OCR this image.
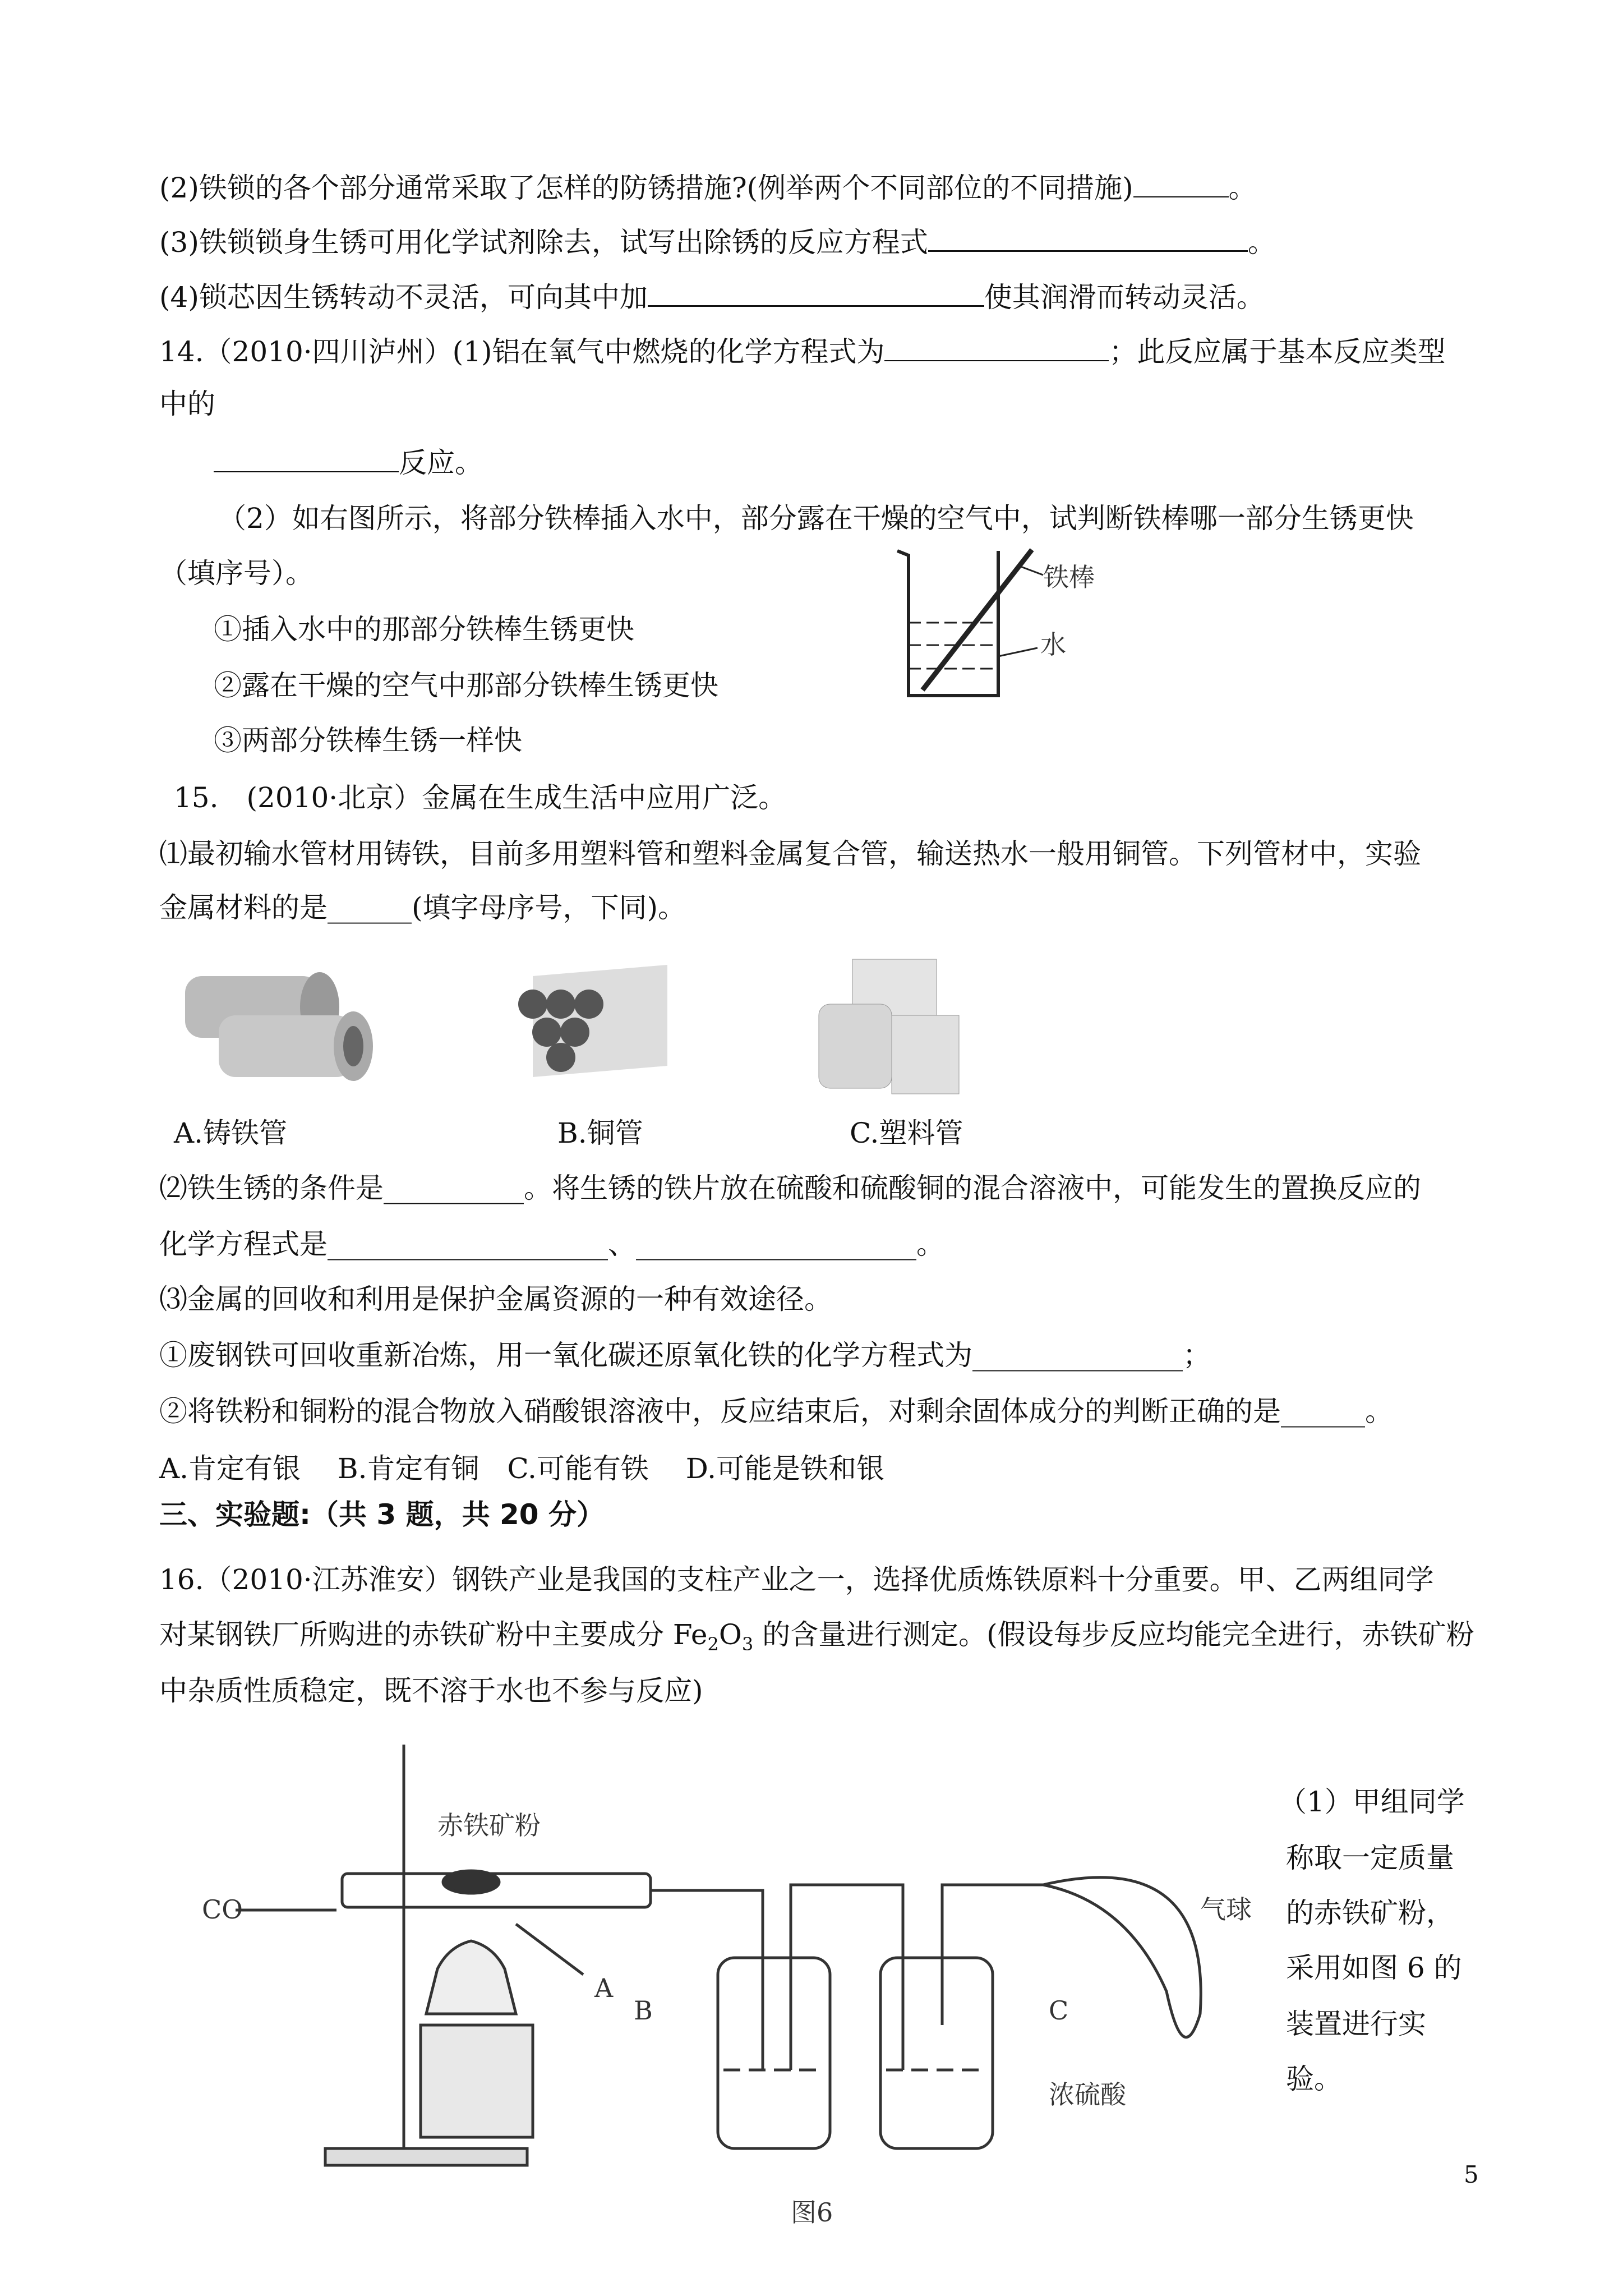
(2)铁锁的各个部分通常采取了怎样的防锈措施?(例举两个不同部位的不同措施)	。
(3)铁锁锁身生锈可用化学试剂除去，试写出除锈的反应方程式	。
(4)锁芯因生锈转动不灵活，可向其中加	使其润滑而转动灵活。
14.（2010·四川泸州）(1)铝在氧气中燃烧的化学方程式为	；此反应属于基本反应类型
中的
反应。
（2）如右图所示，将部分铁棒插入水中，部分露在干燥的空气中，试判断铁棒哪一部分生锈更快
（填序号）。
①插入水中的那部分铁棒生锈更快
②露在干燥的空气中那部分铁棒生锈更快
③两部分铁棒生锈一样快
铁棒
水
15.　(2010·北京）金属在生成生活中应用广泛。
⑴最初输水管材用铸铁，目前多用塑料管和塑料金属复合管，输送热水一般用铜管。下列管材中，实验
金属材料的是______(填字母序号，下同)。
A.铸铁管	B.铜管	C.塑料管
⑵铁生锈的条件是__________。将生锈的铁片放在硫酸和硫酸铜的混合溶液中，可能发生的置换反应的
化学方程式是____________________、____________________。
⑶金属的回收和利用是保护金属资源的一种有效途径。
①废钢铁可回收重新冶炼，用一氧化碳还原氧化铁的化学方程式为_______________；
②将铁粉和铜粉的混合物放入硝酸银溶液中，反应结束后，对剩余固体成分的判断正确的是______。
A.肯定有银　 B.肯定有铜　C.可能有铁　 D.可能是铁和银
三、实验题:（共 3 题，共 20 分）
16.（2010·江苏淮安）钢铁产业是我国的支柱产业之一，选择优质炼铁原料十分重要。甲、乙两组同学
对某钢铁厂所购进的赤铁矿粉中主要成分 $Fe_2O_3$ 的含量进行测定。(假设每步反应均能完全进行，赤铁矿粉
中杂质性质稳定，既不溶于水也不参与反应)
（1）甲组同学
称取一定质量
的赤铁矿粉，
采用如图 6 的
装置进行实
验。
CO
赤铁矿粉
A
B	C
气球
浓硫酸
图6
5
